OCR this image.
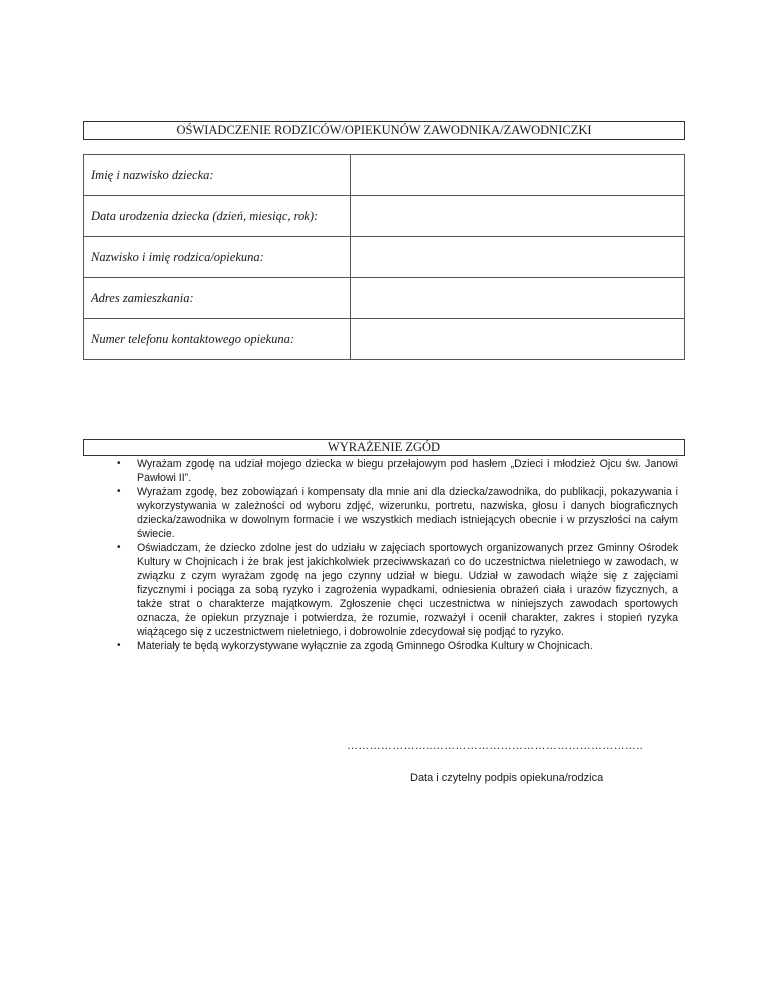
OŚWIADCZENIE RODZICÓW/OPIEKUNÓW ZAWODNIKA/ZAWODNICZKI
Imię i nazwisko dziecka:	
Data urodzenia dziecka (dzień, miesiąc, rok):	
Nazwisko i imię rodzica/opiekuna:	
Adres zamieszkania:	
Numer telefonu kontaktowego opiekuna:	
WYRAŻENIE ZGÓD
• Wyrażam zgodę na udział mojego dziecka w biegu przełajowym pod hasłem „Dzieci i młodzież Ojcu św. Janowi Pawłowi II”.
• Wyrażam zgodę, bez zobowiązań i kompensaty dla mnie ani dla dziecka/zawodnika, do publikacji, pokazywania i wykorzystywania w zależności od wyboru zdjęć, wizerunku, portretu, nazwiska, głosu i danych biograficznych dziecka/zawodnika w dowolnym formacie i we wszystkich mediach istniejących obecnie i w przyszłości na całym świecie.
• Oświadczam, że dziecko zdolne jest do udziału w zajęciach sportowych organizowanych przez Gminny Ośrodek Kultury w Chojnicach i że brak jest jakichkolwiek przeciwwskazań co do uczestnictwa nieletniego w zawodach, w związku z czym wyrażam zgodę na jego czynny udział w biegu. Udział w zawodach wiąże się z zajęciami fizycznymi i pociąga za sobą ryzyko i zagrożenia wypadkami, odniesienia obrażeń ciała i urazów fizycznych, a także strat o charakterze majątkowym. Zgłoszenie chęci uczestnictwa w niniejszych zawodach sportowych oznacza, że opiekun przyznaje i potwierdza, że rozumie, rozważył i ocenił charakter, zakres i stopień ryzyka wiążącego się z uczestnictwem nieletniego, i dobrowolnie zdecydował się podjąć to ryzyko.
• Materiały te będą wykorzystywane wyłącznie za zgodą Gminnego Ośrodka Kultury w Chojnicach.
…………………..………………………………………………..
Data i czytelny podpis opiekuna/rodzica
